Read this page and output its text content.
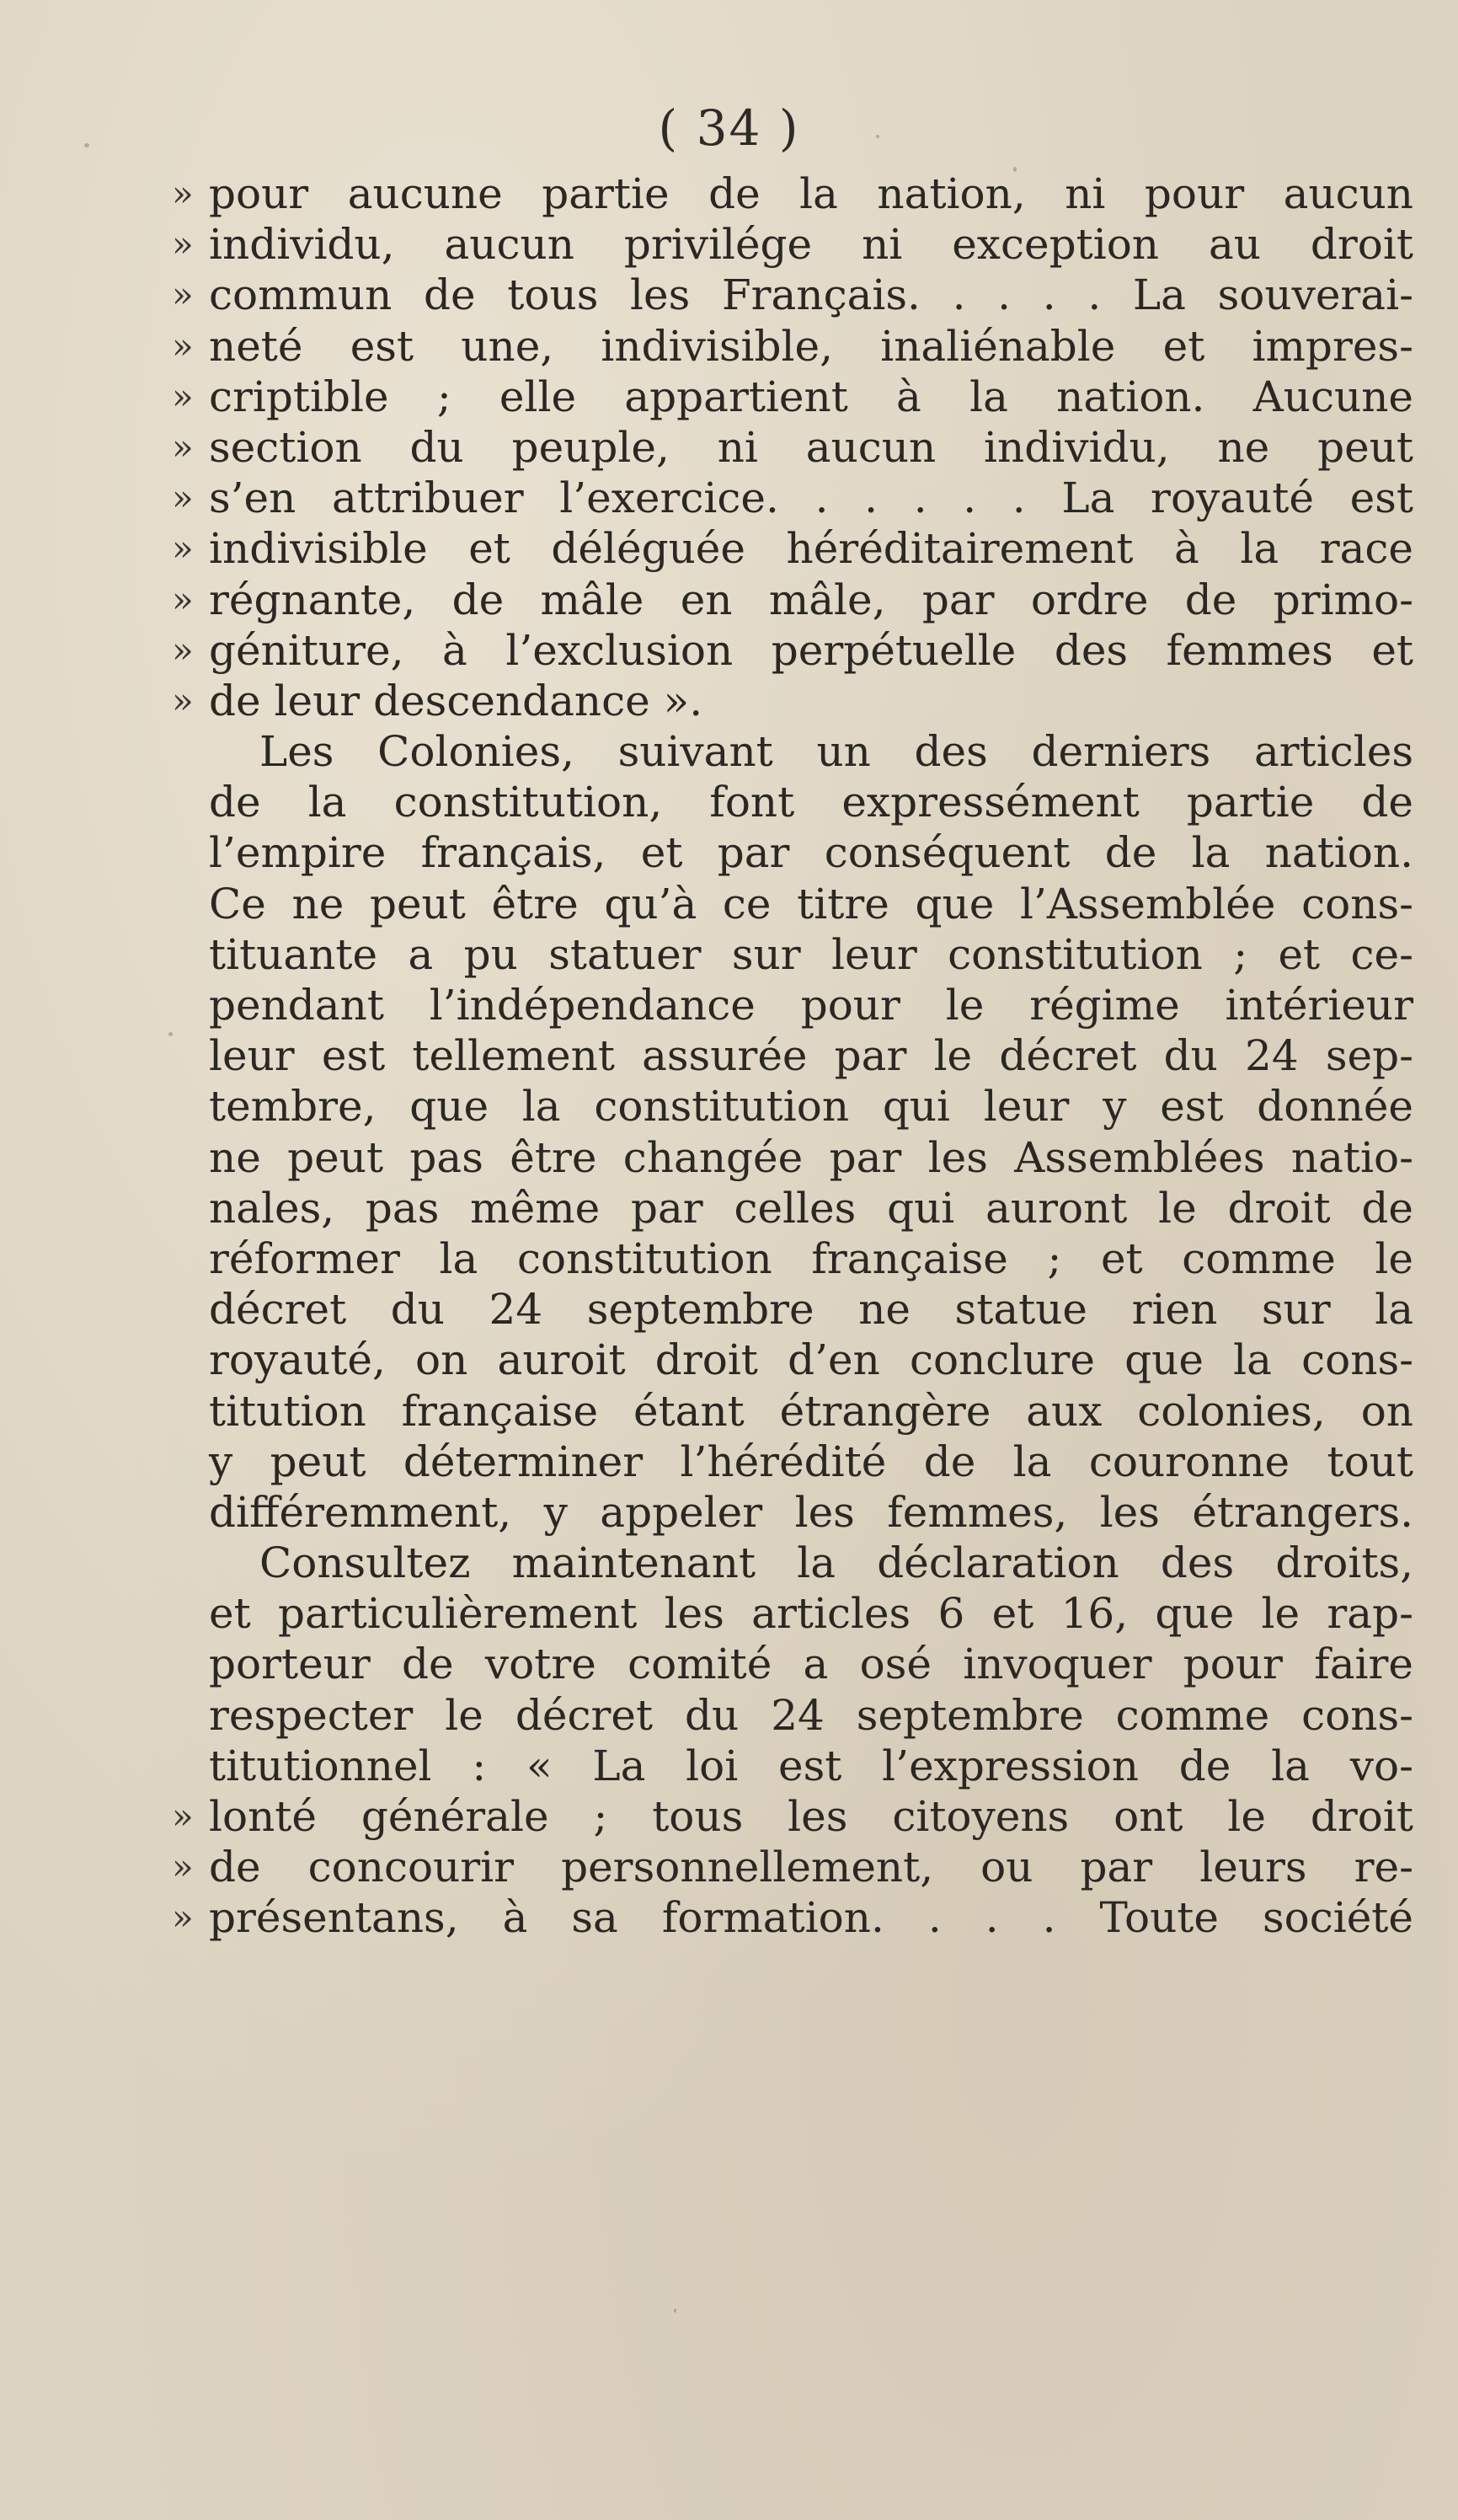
( 34 )
» pour aucune partie de la nation, ni pour aucun
» individu, aucun privilége ni exception au droit
» commun de tous les Français. . . . . La souverai-
» neté est une, indivisible, inaliénable et impres-
» criptible ; elle appartient à la nation. Aucune
» section du peuple, ni aucun individu, ne peut
» s’en attribuer l’exercice. . . . . . La royauté est
» indivisible et déléguée héréditairement à la race
» régnante, de mâle en mâle, par ordre de primo-
» géniture, à l’exclusion perpétuelle des femmes et
» de leur descendance ».
Les Colonies, suivant un des derniers articles
de la constitution, font expressément partie de
l’empire français, et par conséquent de la nation.
Ce ne peut être qu’à ce titre que l’Assemblée cons-
tituante a pu statuer sur leur constitution ; et ce-
pendant l’indépendance pour le régime intérieur
leur est tellement assurée par le décret du 24 sep-
tembre, que la constitution qui leur y est donnée
ne peut pas être changée par les Assemblées natio-
nales, pas même par celles qui auront le droit de
réformer la constitution française ; et comme le
décret du 24 septembre ne statue rien sur la
royauté, on auroit droit d’en conclure que la cons-
titution française étant étrangère aux colonies, on
y peut déterminer l’hérédité de la couronne tout
différemment, y appeler les femmes, les étrangers.
Consultez maintenant la déclaration des droits,
et particulièrement les articles 6 et 16, que le rap-
porteur de votre comité a osé invoquer pour faire
respecter le décret du 24 septembre comme cons-
titutionnel : « La loi est l’expression de la vo-
» lonté générale ; tous les citoyens ont le droit
» de concourir personnellement, ou par leurs re-
» présentans, à sa formation. . . . Toute société
